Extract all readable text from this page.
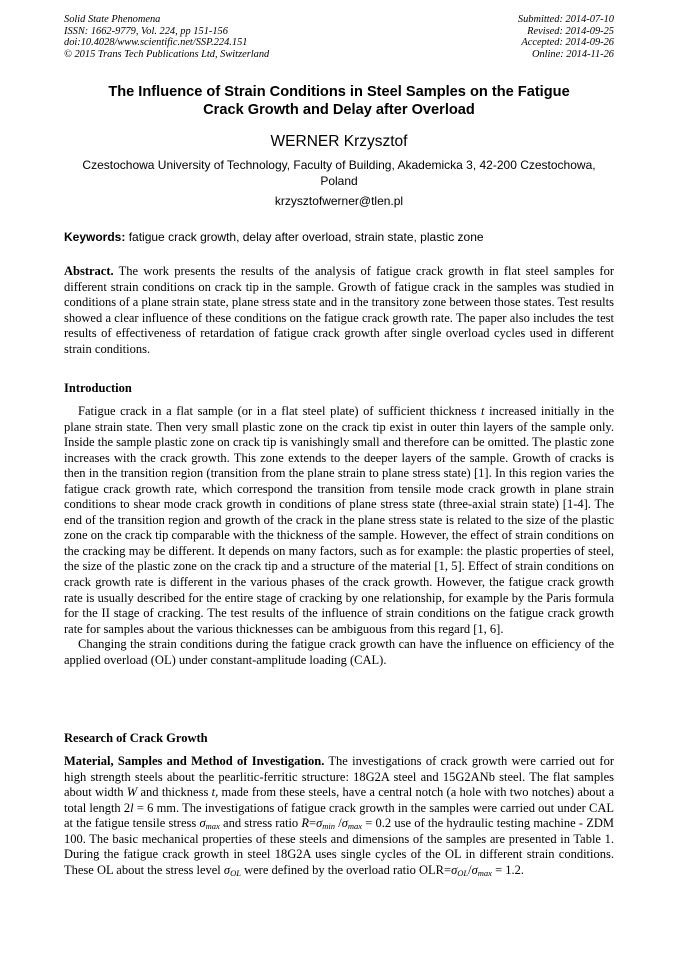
Solid State Phenomena
ISSN: 1662-9779, Vol. 224, pp 151-156
doi:10.4028/www.scientific.net/SSP.224.151
© 2015 Trans Tech Publications Ltd, Switzerland
Submitted: 2014-07-10
Revised: 2014-09-25
Accepted: 2014-09-26
Online: 2014-11-26
The Influence of Strain Conditions in Steel Samples on the Fatigue
Crack Growth and Delay after Overload
WERNER Krzysztof
Czestochowa University of Technology, Faculty of Building, Akademicka 3, 42-200 Czestochowa,
Poland
krzysztofwerner@tlen.pl
Keywords: fatigue crack growth, delay after overload, strain state, plastic zone
Abstract. The work presents the results of the analysis of fatigue crack growth in flat steel samples for different strain conditions on crack tip in the sample. Growth of fatigue crack in the samples was studied in conditions of a plane strain state, plane stress state and in the transitory zone between those states. Test results showed a clear influence of these conditions on the fatigue crack growth rate. The paper also includes the test results of effectiveness of retardation of fatigue crack growth after single overload cycles used in different strain conditions.
Introduction

Fatigue crack in a flat sample (or in a flat steel plate) of sufficient thickness t increased initially in the plane strain state. Then very small plastic zone on the crack tip exist in outer thin layers of the sample only. Inside the sample plastic zone on crack tip is vanishingly small and therefore can be omitted. The plastic zone increases with the crack growth. This zone extends to the deeper layers of the sample. Growth of cracks is then in the transition region (transition from the plane strain to plane stress state) [1]. In this region varies the fatigue crack growth rate, which correspond the transition from tensile mode crack growth in plane strain conditions to shear mode crack growth in conditions of plane stress state (three-axial strain state) [1-4]. The end of the transition region and growth of the crack in the plane stress state is related to the size of the plastic zone on the crack tip comparable with the thickness of the sample. However, the effect of strain conditions on the cracking may be different. It depends on many factors, such as for example: the plastic properties of steel, the size of the plastic zone on the crack tip and a structure of the material [1, 5]. Effect of strain conditions on crack growth rate is different in the various phases of the crack growth. However, the fatigue crack growth rate is usually described for the entire stage of cracking by one relationship, for example by the Paris formula for the II stage of cracking. The test results of the influence of strain conditions on the fatigue crack growth rate for samples about the various thicknesses can be ambiguous from this regard [1, 6].

Changing the strain conditions during the fatigue crack growth can have the influence on efficiency of the applied overload (OL) under constant-amplitude loading (CAL).

Research of Crack Growth
Material, Samples and Method of Investigation. The investigations of crack growth were carried out for high strength steels about the pearlitic-ferritic structure: 18G2A steel and 15G2ANb steel. The flat samples about width W and thickness t, made from these steels, have a central notch (a hole with two notches) about a total length 2l = 6 mm. The investigations of fatigue crack growth in the samples were carried out under CAL at the fatigue tensile stress $\sigma_{max}$ and stress ratio $R=\sigma_{min}$ $/\sigma_{max} = 0.2$ use of the hydraulic testing machine - ZDM 100. The basic mechanical properties of these steels and dimensions of the samples are presented in Table 1. During the fatigue crack growth in steel 18G2A uses single cycles of the OL in different strain conditions. These OL about the stress level $\sigma_{OL}$ were defined by the overload ratio $OLR=\sigma_{OL}/\sigma_{max} = 1.2$.
